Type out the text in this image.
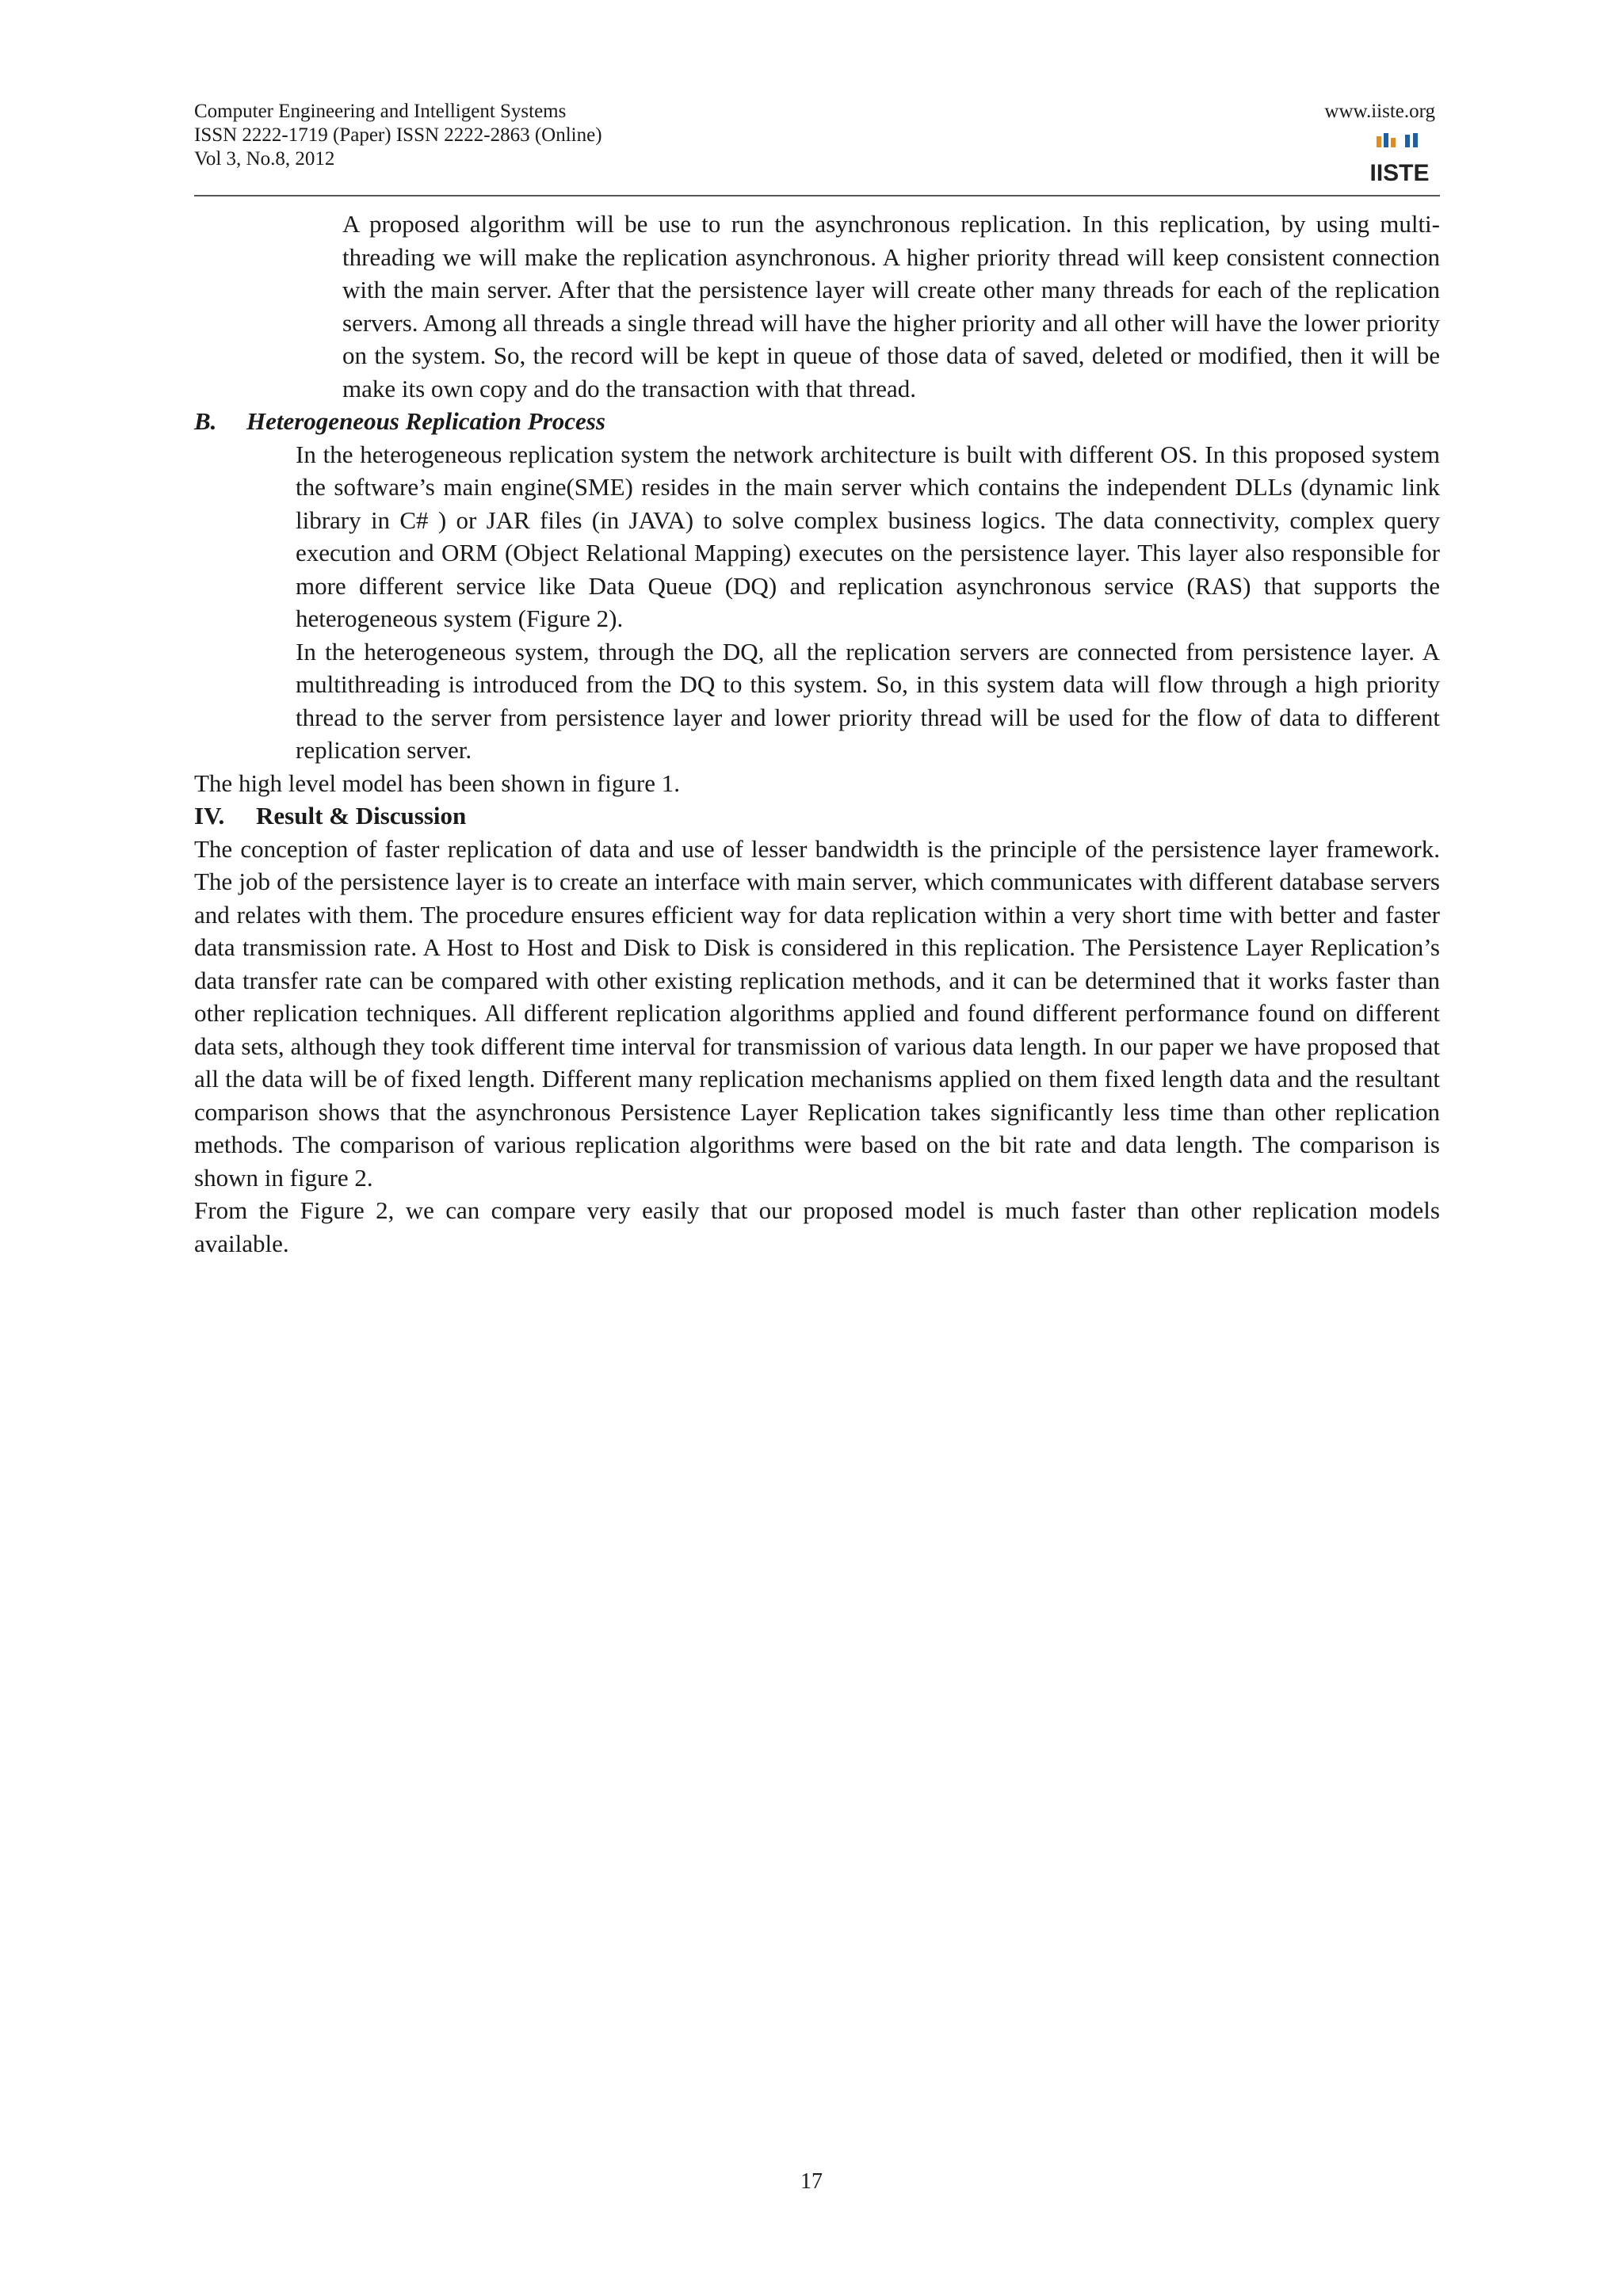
Computer Engineering and Intelligent Systems
ISSN 2222-1719 (Paper) ISSN 2222-2863 (Online)
Vol 3, No.8, 2012
www.iiste.org
IISTE

A proposed algorithm will be use to run the asynchronous replication. In this replication, by using multi-threading we will make the replication asynchronous. A higher priority thread will keep consistent connection with the main server. After that the persistence layer will create other many threads for each of the replication servers. Among all threads a single thread will have the higher priority and all other will have the lower priority on the system. So, the record will be kept in queue of those data of saved, deleted or modified, then it will be make its own copy and do the transaction with that thread.

B. Heterogeneous Replication Process

In the heterogeneous replication system the network architecture is built with different OS. In this proposed system the software’s main engine(SME) resides in the main server which contains the independent DLLs (dynamic link library in C# ) or JAR files (in JAVA) to solve complex business logics. The data connectivity, complex query execution and ORM (Object Relational Mapping) executes on the persistence layer. This layer also responsible for more different service like Data Queue (DQ) and replication asynchronous service (RAS) that supports the heterogeneous system (Figure 2).

In the heterogeneous system, through the DQ, all the replication servers are connected from persistence layer. A multithreading is introduced from the DQ to this system. So, in this system data will flow through a high priority thread to the server from persistence layer and lower priority thread will be used for the flow of data to different replication server.

The high level model has been shown in figure 1.

IV. Result & Discussion

The conception of faster replication of data and use of lesser bandwidth is the principle of the persistence layer framework. The job of the persistence layer is to create an interface with main server, which communicates with different database servers and relates with them. The procedure ensures efficient way for data replication within a very short time with better and faster data transmission rate. A Host to Host and Disk to Disk is considered in this replication. The Persistence Layer Replication’s data transfer rate can be compared with other existing replication methods, and it can be determined that it works faster than other replication techniques. All different replication algorithms applied and found different performance found on different data sets, although they took different time interval for transmission of various data length. In our paper we have proposed that all the data will be of fixed length. Different many replication mechanisms applied on them fixed length data and the resultant comparison shows that the asynchronous Persistence Layer Replication takes significantly less time than other replication methods. The comparison of various replication algorithms were based on the bit rate and data length. The comparison is shown in figure 2.

From the Figure 2, we can compare very easily that our proposed model is much faster than other replication models available.

17
